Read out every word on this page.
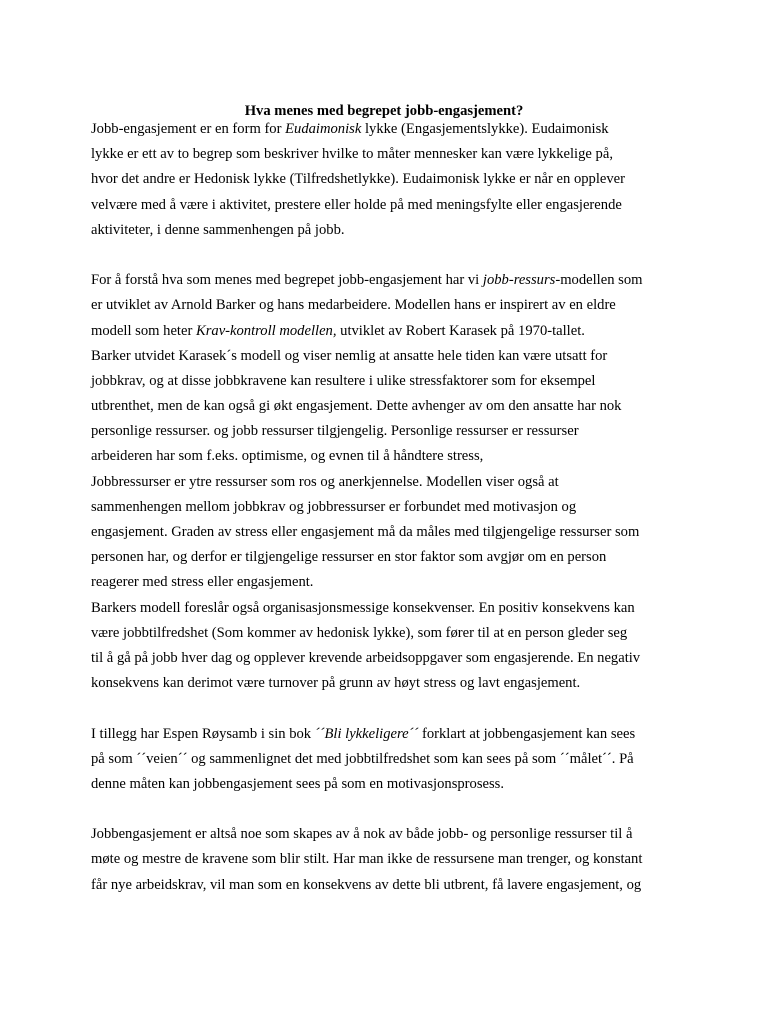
Hva menes med begrepet jobb-engasjement?
Jobb-engasjement er en form for Eudaimonisk lykke (Engasjementslykke). Eudaimonisk
lykke er ett av to begrep som beskriver hvilke to måter mennesker kan være lykkelige på,
hvor det andre er Hedonisk lykke (Tilfredshetlykke). Eudaimonisk lykke er når en opplever
velvære med å være i aktivitet, prestere eller holde på med meningsfylte eller engasjerende
aktiviteter, i denne sammenhengen på jobb.
For å forstå hva som menes med begrepet jobb-engasjement har vi jobb-ressurs-modellen som
er utviklet av Arnold Barker og hans medarbeidere. Modellen hans er inspirert av en eldre
modell som heter Krav-kontroll modellen, utviklet av Robert Karasek på 1970-tallet.
Barker utvidet Karasek´s modell og viser nemlig at ansatte hele tiden kan være utsatt for
jobbkrav, og at disse jobbkravene kan resultere i ulike stressfaktorer som for eksempel
utbrenthet, men de kan også gi økt engasjement. Dette avhenger av om den ansatte har nok
personlige ressurser. og jobb ressurser tilgjengelig. Personlige ressurser er ressurser
arbeideren har som f.eks. optimisme, og evnen til å håndtere stress,
Jobbressurser er ytre ressurser som ros og anerkjennelse. Modellen viser også at
sammenhengen mellom jobbkrav og jobbressurser er forbundet med motivasjon og
engasjement. Graden av stress eller engasjement må da måles med tilgjengelige ressurser som
personen har, og derfor er tilgjengelige ressurser en stor faktor som avgjør om en person
reagerer med stress eller engasjement.
Barkers modell foreslår også organisasjonsmessige konsekvenser. En positiv konsekvens kan
være jobbtilfredshet (Som kommer av hedonisk lykke), som fører til at en person gleder seg
til å gå på jobb hver dag og opplever krevende arbeidsoppgaver som engasjerende. En negativ
konsekvens kan derimot være turnover på grunn av høyt stress og lavt engasjement.
I tillegg har Espen Røysamb i sin bok ´´Bli lykkeligere´´ forklart at jobbengasjement kan sees
på som ´´veien´´ og sammenlignet det med jobbtilfredshet som kan sees på som ´´målet´´. På
denne måten kan jobbengasjement sees på som en motivasjonsprosess.
Jobbengasjement er altså noe som skapes av å nok av både jobb- og personlige ressurser til å
møte og mestre de kravene som blir stilt. Har man ikke de ressursene man trenger, og konstant
får nye arbeidskrav, vil man som en konsekvens av dette bli utbrent, få lavere engasjement, og
